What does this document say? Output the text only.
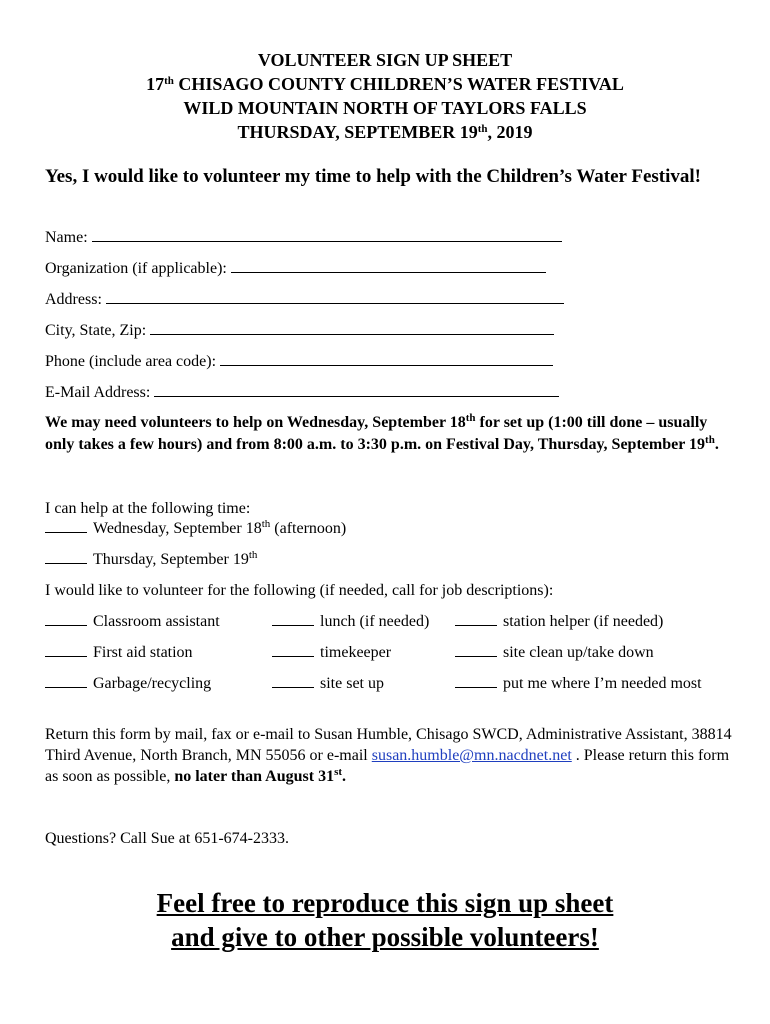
VOLUNTEER SIGN UP SHEET
17th CHISAGO COUNTY CHILDREN’S WATER FESTIVAL
WILD MOUNTAIN NORTH OF TAYLORS FALLS
THURSDAY, SEPTEMBER 19th, 2019
Yes, I would like to volunteer my time to help with the Children’s Water Festival!
Name:
Organization (if applicable):
Address:
City, State, Zip:
Phone (include area code):
E-Mail Address:
We may need volunteers to help on Wednesday, September 18th for set up (1:00 till done – usually only takes a few hours) and from 8:00 a.m. to 3:30 p.m. on Festival Day, Thursday, September 19th.
I can help at the following time:
Wednesday, September 18th (afternoon)
Thursday, September 19th
I would like to volunteer for the following (if needed, call for job descriptions):
Classroom assistant	lunch (if needed)	station helper (if needed)
First aid station	timekeeper	site clean up/take down
Garbage/recycling	site set up	put me where I’m needed most
Return this form by mail, fax or e-mail to Susan Humble, Chisago SWCD, Administrative Assistant, 38814 Third Avenue, North Branch, MN 55056 or e-mail susan.humble@mn.nacdnet.net . Please return this form as soon as possible, no later than August 31st.
Questions? Call Sue at 651-674-2333.
Feel free to reproduce this sign up sheet
and give to other possible volunteers!
